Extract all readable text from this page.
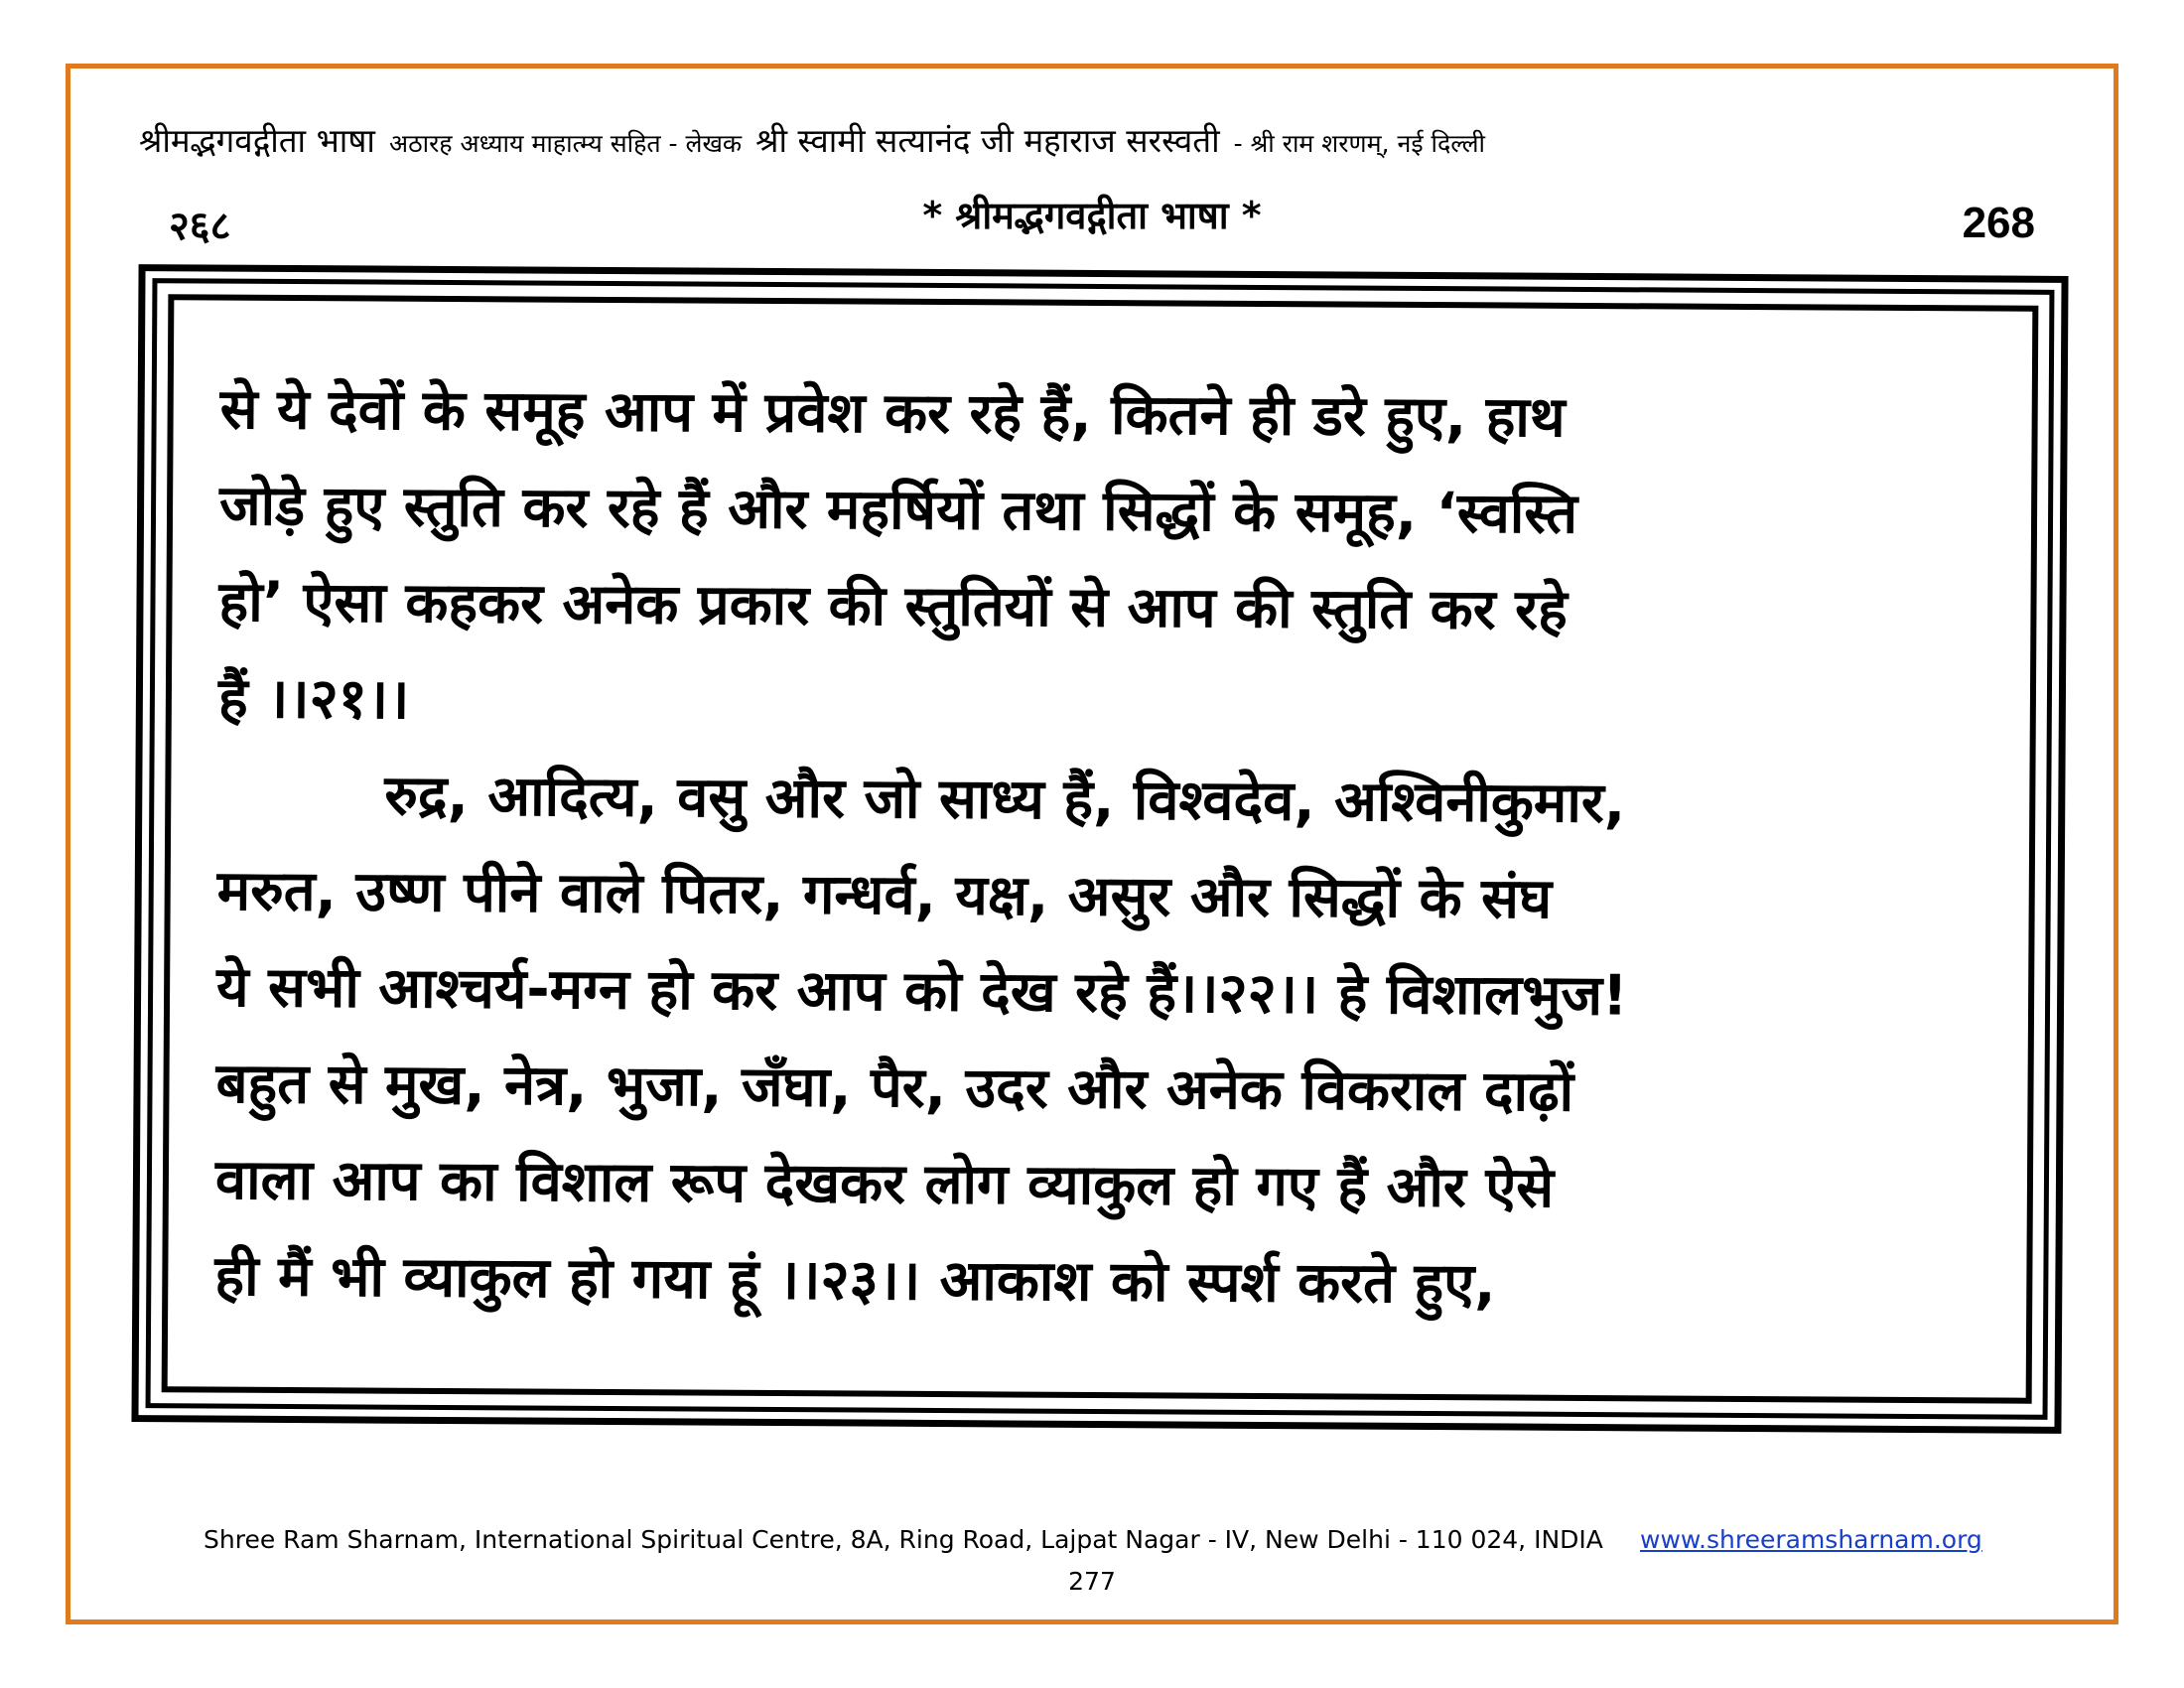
श्रीमद्भगवद्गीता भाषा अठारह अध्याय माहात्म्य सहित - लेखक श्री स्वामी सत्यानंद जी महाराज सरस्वती - श्री राम शरणम्, नई दिल्ली
२६८	* श्रीमद्भगवद्गीता भाषा *	268
से ये देवों के समूह आप में प्रवेश कर रहे हैं, कितने ही डरे हुए, हाथ
जोड़े हुए स्तुति कर रहे हैं और महर्षियों तथा सिद्धों के समूह, ‘स्वस्ति
हो’ ऐसा कहकर अनेक प्रकार की स्तुतियों से आप की स्तुति कर रहे
हैं ।।२१।।
रुद्र, आदित्य, वसु और जो साध्य हैं, विश्वदेव, अश्विनीकुमार,
मरुत, उष्ण पीने वाले पितर, गन्धर्व, यक्ष, असुर और सिद्धों के संघ
ये सभी आश्चर्य-मग्न हो कर आप को देख रहे हैं।।२२।। हे विशालभुज!
बहुत से मुख, नेत्र, भुजा, जँघा, पैर, उदर और अनेक विकराल दाढ़ों
वाला आप का विशाल रूप देखकर लोग व्याकुल हो गए हैं और ऐसे
ही मैं भी व्याकुल हो गया हूं ।।२३।। आकाश को स्पर्श करते हुए,
Shree Ram Sharnam, International Spiritual Centre, 8A, Ring Road, Lajpat Nagar - IV, New Delhi - 110 024, INDIA www.shreeramsharnam.org
277
